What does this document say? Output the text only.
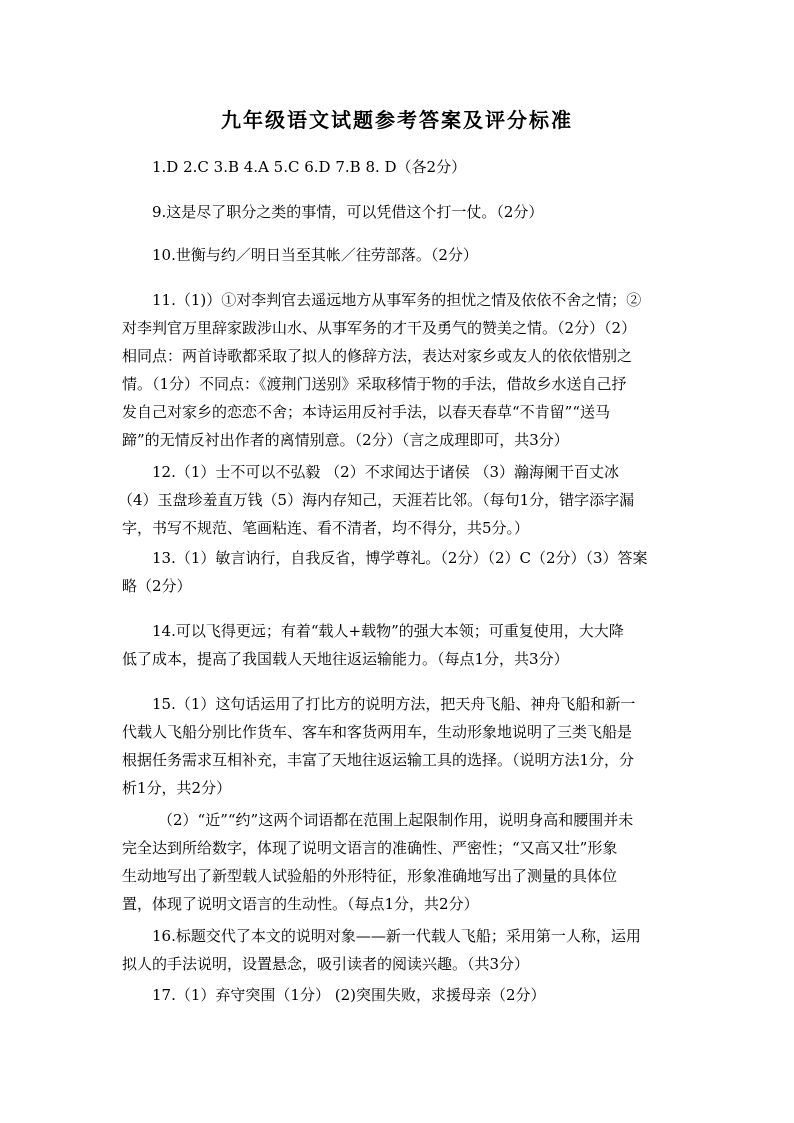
九年级语文试题参考答案及评分标准
1.D 2.C 3.B 4.A 5.C 6.D 7.B 8. D（各2分）
9.这是尽了职分之类的事情，可以凭借这个打一仗。（2分）
10.世衡与约／明日当至其帐／往劳部落。（2分）
11.（1)）①对李判官去遥远地方从事军务的担忧之情及依依不舍之情；②
对李判官万里辞家跋涉山水、从事军务的才干及勇气的赞美之情。（2分）（2）
相同点：两首诗歌都采取了拟人的修辞方法，表达对家乡或友人的依依惜别之
情。（1分）不同点：《渡荆门送别》采取移情于物的手法，借故乡水送自己抒
发自己对家乡的恋恋不舍；本诗运用反衬手法，以春天春草“不肯留”“送马
蹄”的无情反衬出作者的离情别意。（2分）（言之成理即可，共3分）
12.（1）士不可以不弘毅 （2）不求闻达于诸侯 （3）瀚海阑干百丈冰
（4）玉盘珍羞直万钱（5）海内存知己，天涯若比邻。（每句1分，错字添字漏
字，书写不规范、笔画粘连、看不清者，均不得分，共5分。）
13.（1）敏言讷行，自我反省，博学尊礼。（2分）（2）C（2分）（3）答案
略（2分）
14.可以飞得更远；有着“载人+载物”的强大本领；可重复使用，大大降
低了成本，提高了我国载人天地往返运输能力。（每点1分，共3分）
15.（1）这句话运用了打比方的说明方法，把天舟飞船、神舟飞船和新一
代载人飞船分别比作货车、客车和客货两用车，生动形象地说明了三类飞船是
根据任务需求互相补充，丰富了天地往返运输工具的选择。（说明方法1分，分
析1分，共2分）
（2）“近”“约”这两个词语都在范围上起限制作用，说明身高和腰围并未
完全达到所给数字，体现了说明文语言的准确性、严密性；“又高又壮”形象
生动地写出了新型载人试验船的外形特征，形象准确地写出了测量的具体位
置，体现了说明文语言的生动性。（每点1分，共2分）
16.标题交代了本文的说明对象——新一代载人飞船；采用第一人称，运用
拟人的手法说明，设置悬念，吸引读者的阅读兴趣。（共3分）
17.（1）弃守突围（1分） (2)突围失败，求援母亲（2分）
